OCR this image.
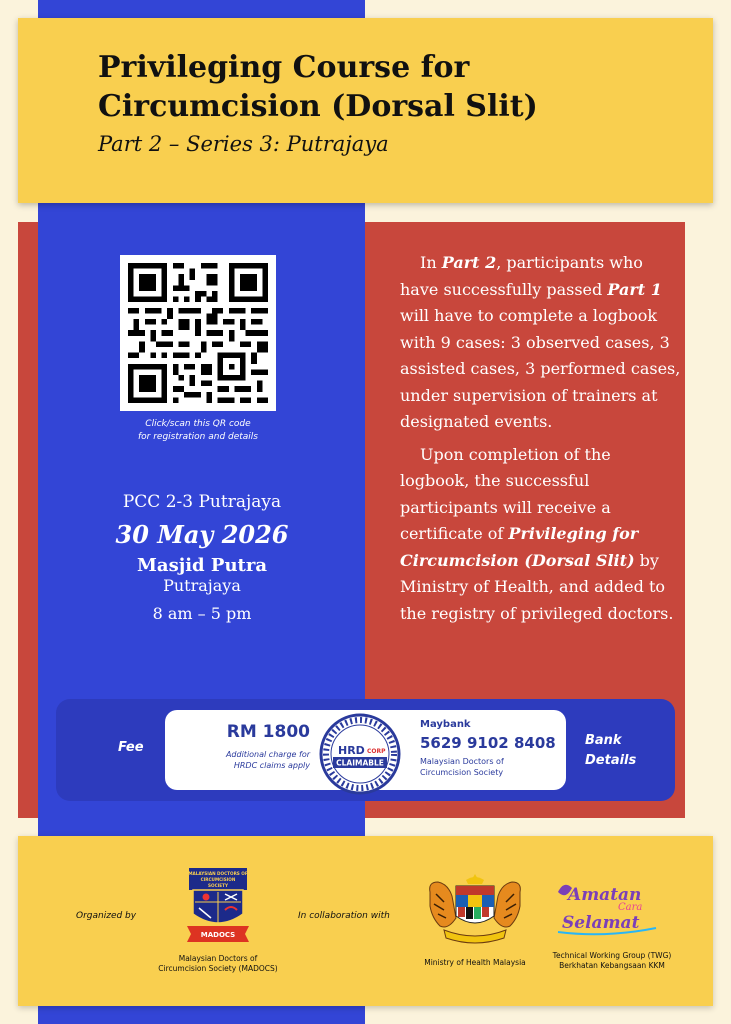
Privileging Course for
Circumcision (Dorsal Slit)
Part 2 – Series 3: Putrajaya
Click/scan this QR code
for registration and details
PCC 2-3 Putrajaya
30 May 2026
Masjid Putra
Putrajaya
8 am – 5 pm

In Part 2, participants who have successfully passed Part 1 will have to complete a logbook with 9 cases: 3 observed cases, 3 assisted cases, 3 performed cases, under supervision of trainers at designated events.

Upon completion of the logbook, the successful participants will receive a certificate of Privileging for Circumcision (Dorsal Slit) by Ministry of Health, and added to the registry of privileged doctors.

Fee	Bank
Details
RM 1800
Additional charge for
HRDC claims apply
HRD CORP
CLAIMABLE
Maybank
5629 9102 8408
Malaysian Doctors of
Circumcision Society
Organized by	In collaboration with
MALAYSIAN DOCTORS OF
CIRCUMCISION
SOCIETY
MADOCS
Malaysian Doctors of
Circumcision Society (MADOCS)
Ministry of Health Malaysia
Amatan
Cara
Selamat
Technical Working Group (TWG)
Berkhatan Kebangsaan KKM
